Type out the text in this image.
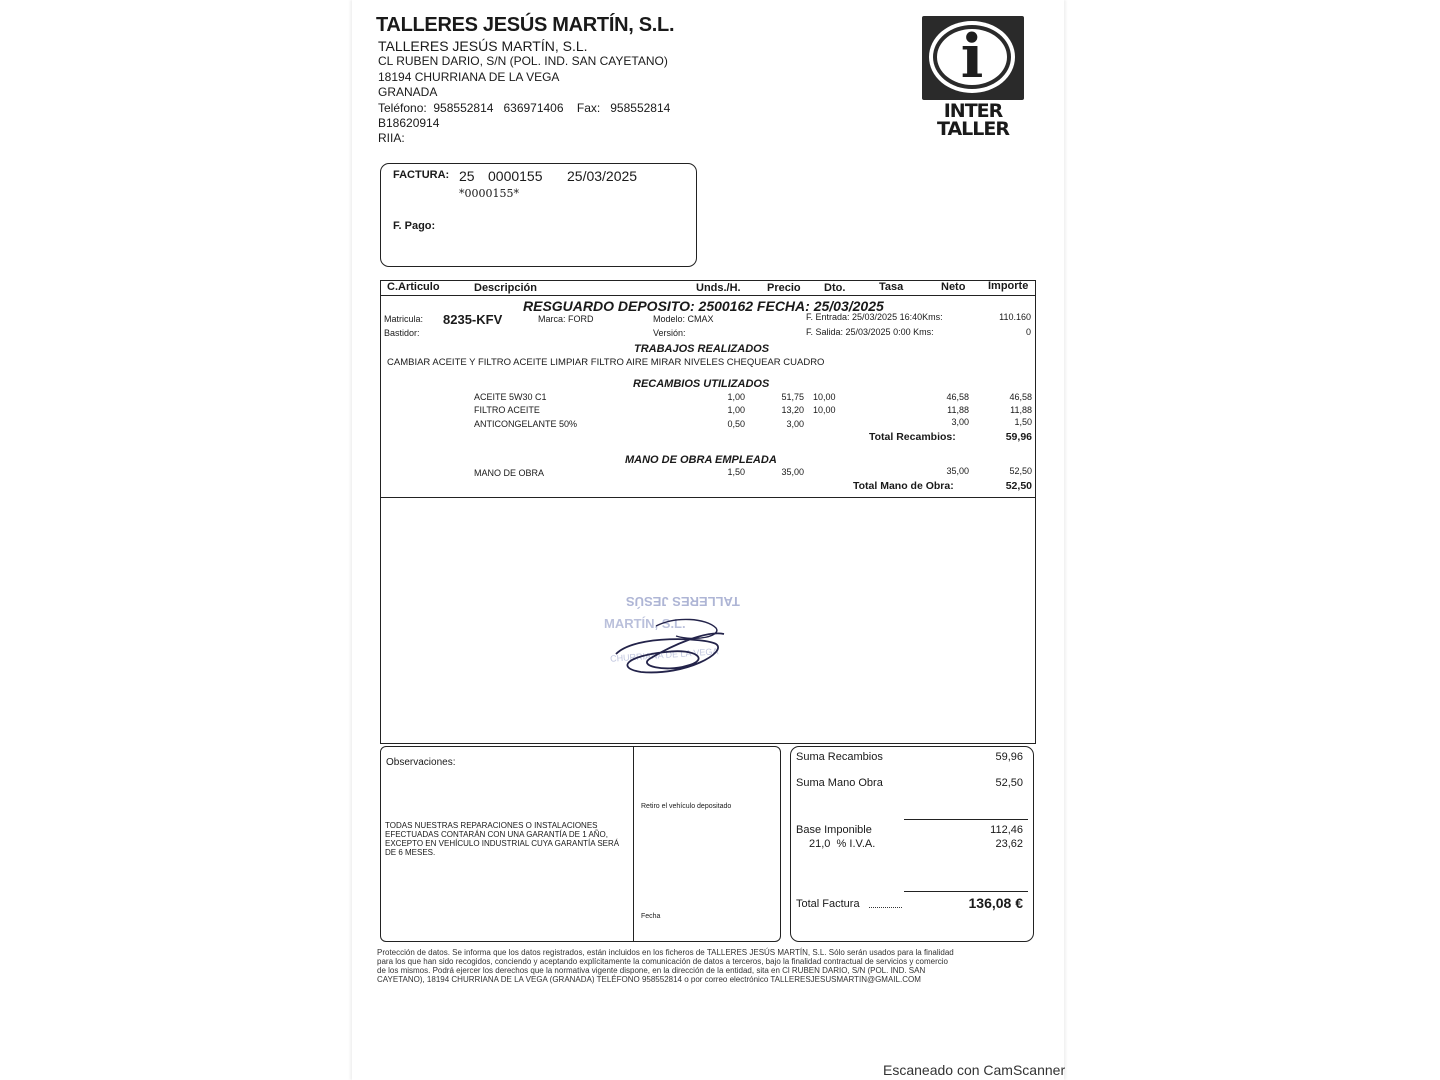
TALLERES JESÚS MARTÍN, S.L.
TALLERES JESÚS MARTÍN, S.L.
CL RUBEN DARIO, S/N (POL. IND. SAN CAYETANO)
18194 CHURRIANA DE LA VEGA
GRANADA
Teléfono: 958552814 636971406 Fax: 958552814
B18620914
RIIA:
i
INTER
TALLER
FACTURA: 25 0000155 25/03/2025
*0000155*
F. Pago:
C.Articulo	Descripción	Unds./H. Precio Dto.	Tasa	Neto Importe
RESGUARDO DEPOSITO: 2500162 FECHA: 25/03/2025
Matricula: 8235-KFV	Marca: FORD	Modelo: CMAX
Versión:
Bastidor:
F. Entrada: 25/03/2025 16:40Kms:	110.160
F. Salida: 25/03/2025 0:00 Kms:	0
TRABAJOS REALIZADOS
CAMBIAR ACEITE Y FILTRO ACEITE LIMPIAR FILTRO AIRE MIRAR NIVELES CHEQUEAR CUADRO
RECAMBIOS UTILIZADOS
ACEITE 5W30 C1	1,00	51,75 10,00	46,58	46,58
FILTRO ACEITE	1,00	13,20 10,00	11,88	11,88
ANTICONGELANTE 50%	0,50	3,00	3,00	1,50
Total Recambios:	59,96
MANO DE OBRA EMPLEADA
MANO DE OBRA	1,50	35,00	35,00	52,50
Total Mano de Obra:	52,50
TALLERES JESÚS
MARTÍN, S.L.
CHURRIANA DE LA VEGA
Observaciones:
TODAS NUESTRAS REPARACIONES O INSTALACIONES EFECTUADAS CONTARÁN CON UNA GARANTÍA DE 1 AÑO, EXCEPTO EN VEHÍCULO INDUSTRIAL CUYA GARANTÍA SERÁ DE 6 MESES.
Retiro el vehículo depositado
Fecha
Suma Recambios	59,96
Suma Mano Obra	52,50
Base Imponible	112,46
21,0 % I.V.A.	23,62
Total Factura	136,08 €
Protección de datos. Se informa que los datos registrados, están incluidos en los ficheros de TALLERES JESÚS MARTÍN, S.L. Sólo serán usados para la finalidad para los que han sido recogidos, conciendo y aceptando explícitamente la comunicación de datos a terceros, bajo la finalidad contractual de servicios y comercio de los mismos. Podrá ejercer los derechos que la normativa vigente dispone, en la dirección de la entidad, sita en Cl RUBEN DARIO, S/N (POL. IND. SAN CAYETANO), 18194 CHURRIANA DE LA VEGA (GRANADA) TELÉFONO 958552814 o por correo electrónico TALLERESJESUSMARTIN@GMAIL.COM
Escaneado con CamScanner
